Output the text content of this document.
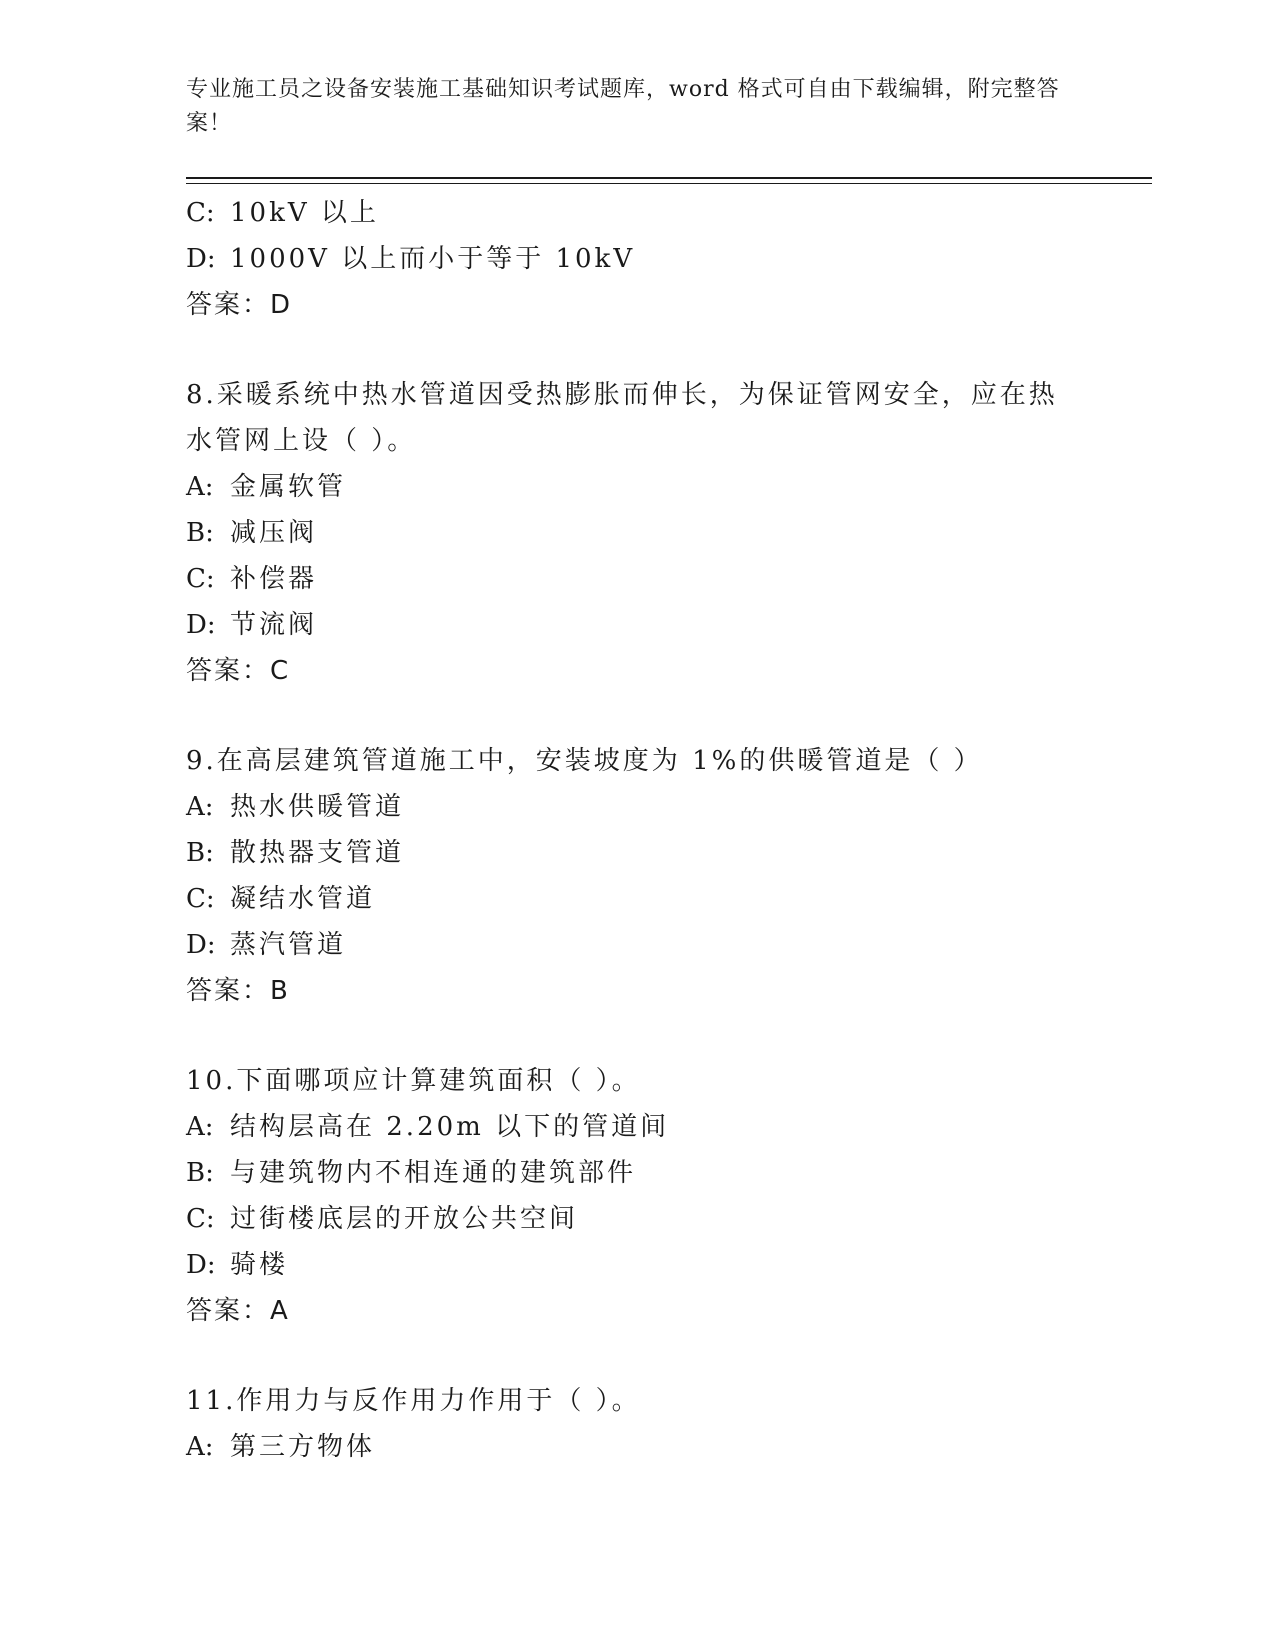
专业施工员之设备安装施工基础知识考试题库，word 格式可自由下载编辑，附完整答案！
C: 10kV 以上
D: 1000V 以上而小于等于 10kV
答案：D
8.采暖系统中热水管道因受热膨胀而伸长，为保证管网安全，应在热水管网上设（ ）。
A: 金属软管
B: 减压阀
C: 补偿器
D: 节流阀
答案：C
9.在高层建筑管道施工中，安装坡度为 1%的供暖管道是（ ）
A: 热水供暖管道
B: 散热器支管道
C: 凝结水管道
D: 蒸汽管道
答案：B
10.下面哪项应计算建筑面积（ ）。
A: 结构层高在 2.20m 以下的管道间
B: 与建筑物内不相连通的建筑部件
C: 过街楼底层的开放公共空间
D: 骑楼
答案：A
11.作用力与反作用力作用于（ ）。
A: 第三方物体
